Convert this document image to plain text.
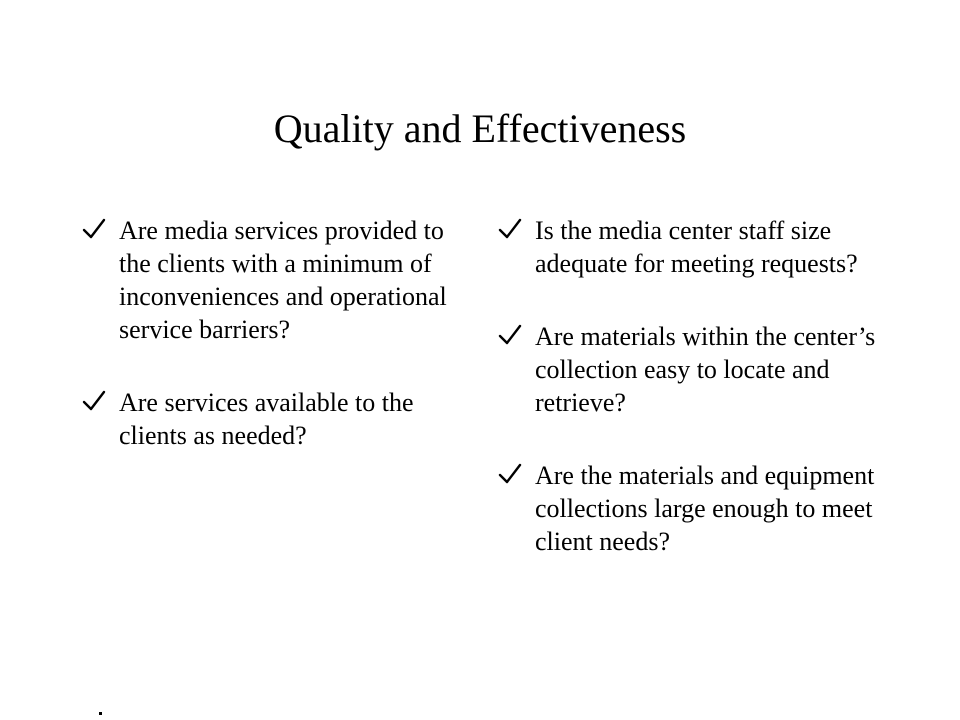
Quality and Effectiveness
Are media services provided to the clients with a minimum of inconveniences and operational service barriers?
Are services available to the clients as needed?
Is the media center staff size adequate for meeting requests?
Are materials within the center’s collection easy to locate and retrieve?
Are the materials and equipment collections large enough to meet client needs?
